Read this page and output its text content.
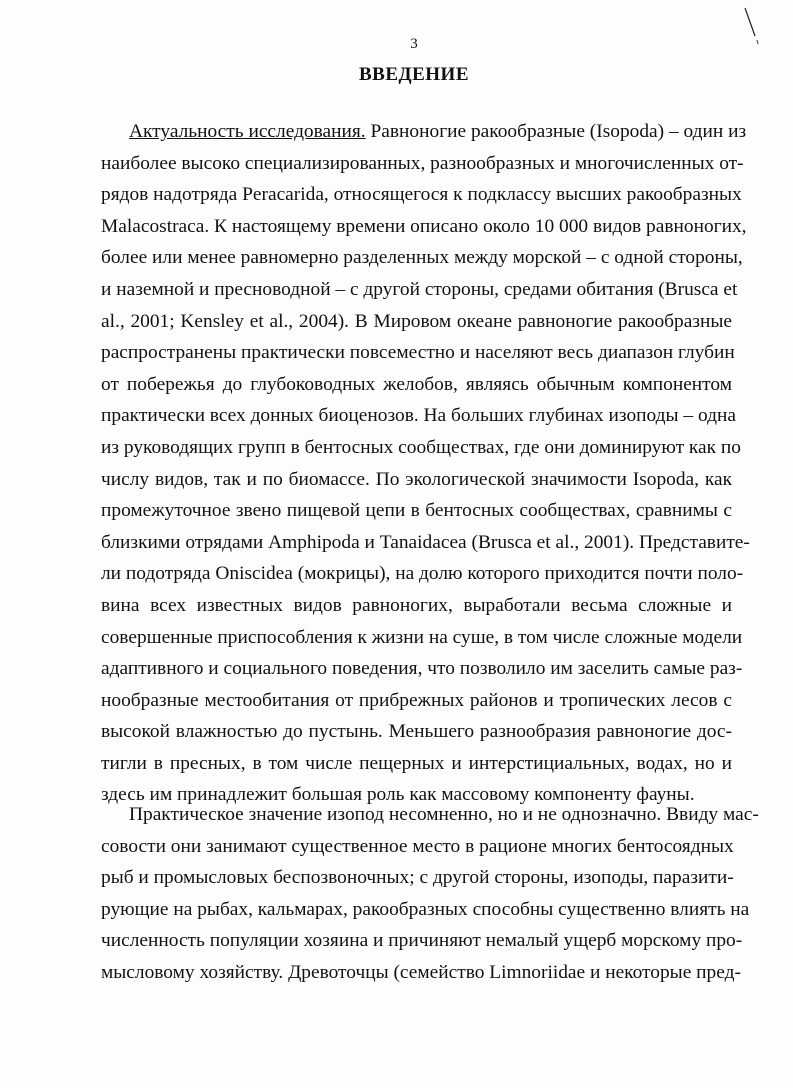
3
ВВЕДЕНИЕ
Актуальность исследования. Равноногие ракообразные (Isopoda) – один из
наиболее высоко специализированных, разнообразных и многочисленных от-
рядов надотряда Peracarida, относящегося к подклассу высших ракообразных
Malacostraca. К настоящему времени описано около 10 000 видов равноногих,
более или менее равномерно разделенных между морской – с одной стороны,
и наземной и пресноводной – с другой стороны, средами обитания (Brusca et
al., 2001; Kensley et al., 2004). В Мировом океане равноногие ракообразные
распространены практически повсеместно и населяют весь диапазон глубин
от побережья до глубоководных желобов, являясь обычным компонентом
практически всех донных биоценозов. На больших глубинах изоподы – одна
из руководящих групп в бентосных сообществах, где они доминируют как по
числу видов, так и по биомассе. По экологической значимости Isopoda, как
промежуточное звено пищевой цепи в бентосных сообществах, сравнимы с
близкими отрядами Amphipoda и Tanaidacea (Brusca et al., 2001). Представите-
ли подотряда Oniscidea (мокрицы), на долю которого приходится почти поло-
вина всех известных видов равноногих, выработали весьма сложные и
совершенные приспособления к жизни на суше, в том числе сложные модели
адаптивного и социального поведения, что позволило им заселить самые раз-
нообразные местообитания от прибрежных районов и тропических лесов с
высокой влажностью до пустынь. Меньшего разнообразия равноногие дос-
тигли в пресных, в том числе пещерных и интерстициальных, водах, но и
здесь им принадлежит большая роль как массовому компоненту фауны.
Практическое значение изопод несомненно, но и не однозначно. Ввиду мас-
совости они занимают существенное место в рационе многих бентосоядных
рыб и промысловых беспозвоночных; с другой стороны, изоподы, паразити-
рующие на рыбах, кальмарах, ракообразных способны существенно влиять на
численность популяции хозяина и причиняют немалый ущерб морскому про-
мысловому хозяйству. Древоточцы (семейство Limnoriidae и некоторые пред-
